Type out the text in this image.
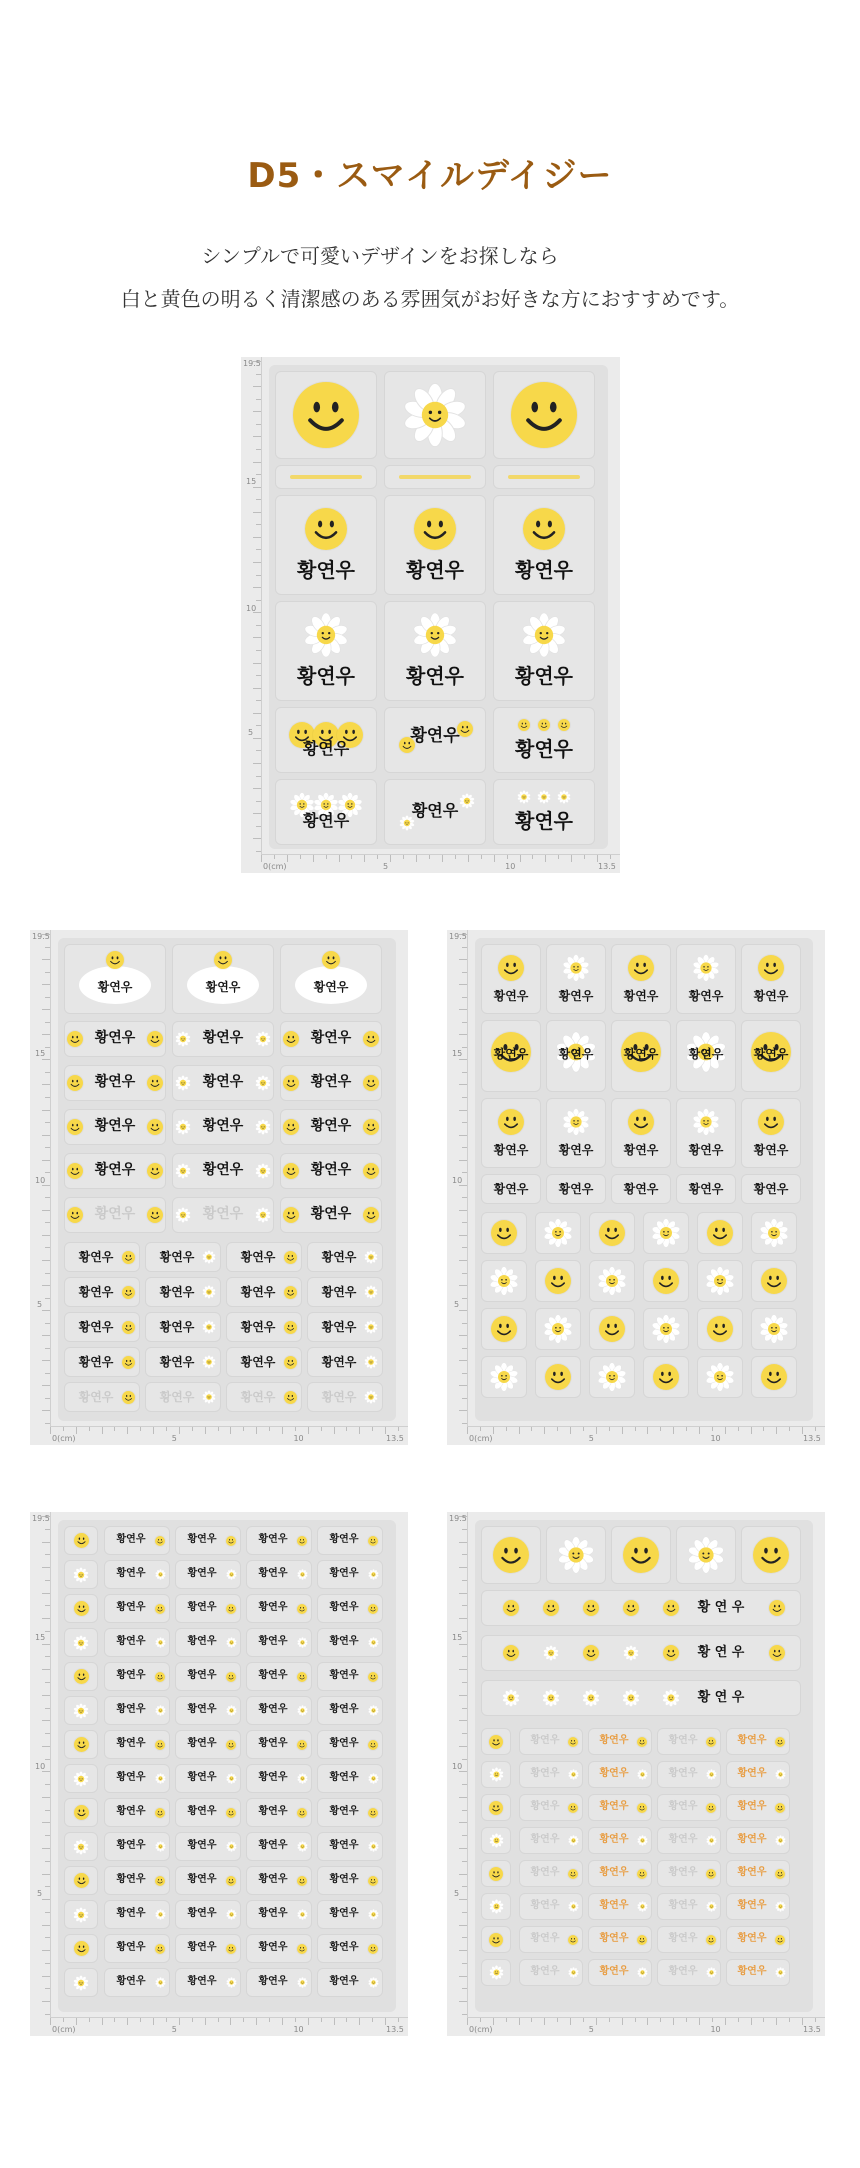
D5・スマイルデイジー
シンプルで可愛いデザインをお探しなら
白と黄色の明るく清潔感のある雰囲気がお好きな方におすすめです。
19.5
15
10
5
0(cm)	5	10	13.5
황연우	황연우	황연우
황연우	황연우	황연우
황연우
황연우
황연우
황연우
황연우	황연우
19.5
15
10
5
0(cm)	5	10	13.5
황연우	황연우	황연우
황연우	황연우	황연우
황연우	황연우	황연우
황연우	황연우	황연우
황연우	황연우	황연우
황연우	황연우	황연우
황연우	황연우	황연우	황연우
황연우	황연우	황연우	황연우
황연우	황연우	황연우	황연우
황연우	황연우	황연우	황연우
황연우	황연우	황연우	황연우
19.5
15
10
5
0(cm)	5	10	13.5
황연우	황연우	황연우	황연우	황연우
황연우	황연우	황연우	황연우	황연우
황연우	황연우	황연우	황연우	황연우
황연우	황연우	황연우	황연우	황연우
19.5
15
10
5
0(cm)	5	10	13.5
황연우	황연우	황연우	황연우
황연우	황연우	황연우	황연우
황연우	황연우	황연우	황연우
황연우	황연우	황연우	황연우
황연우	황연우	황연우	황연우
황연우	황연우	황연우	황연우
황연우	황연우	황연우	황연우
황연우	황연우	황연우	황연우
황연우	황연우	황연우	황연우
황연우	황연우	황연우	황연우
황연우	황연우	황연우	황연우
황연우	황연우	황연우	황연우
황연우	황연우	황연우	황연우
황연우	황연우	황연우	황연우
19.5
15
10
5
0(cm)	5	10	13.5
황 연 우
황 연 우
황 연 우
황연우	황연우	황연우	황연우
황연우	황연우	황연우	황연우
황연우	황연우	황연우	황연우
황연우	황연우	황연우	황연우
황연우	황연우	황연우	황연우
황연우	황연우	황연우	황연우
황연우	황연우	황연우	황연우
황연우	황연우	황연우	황연우
